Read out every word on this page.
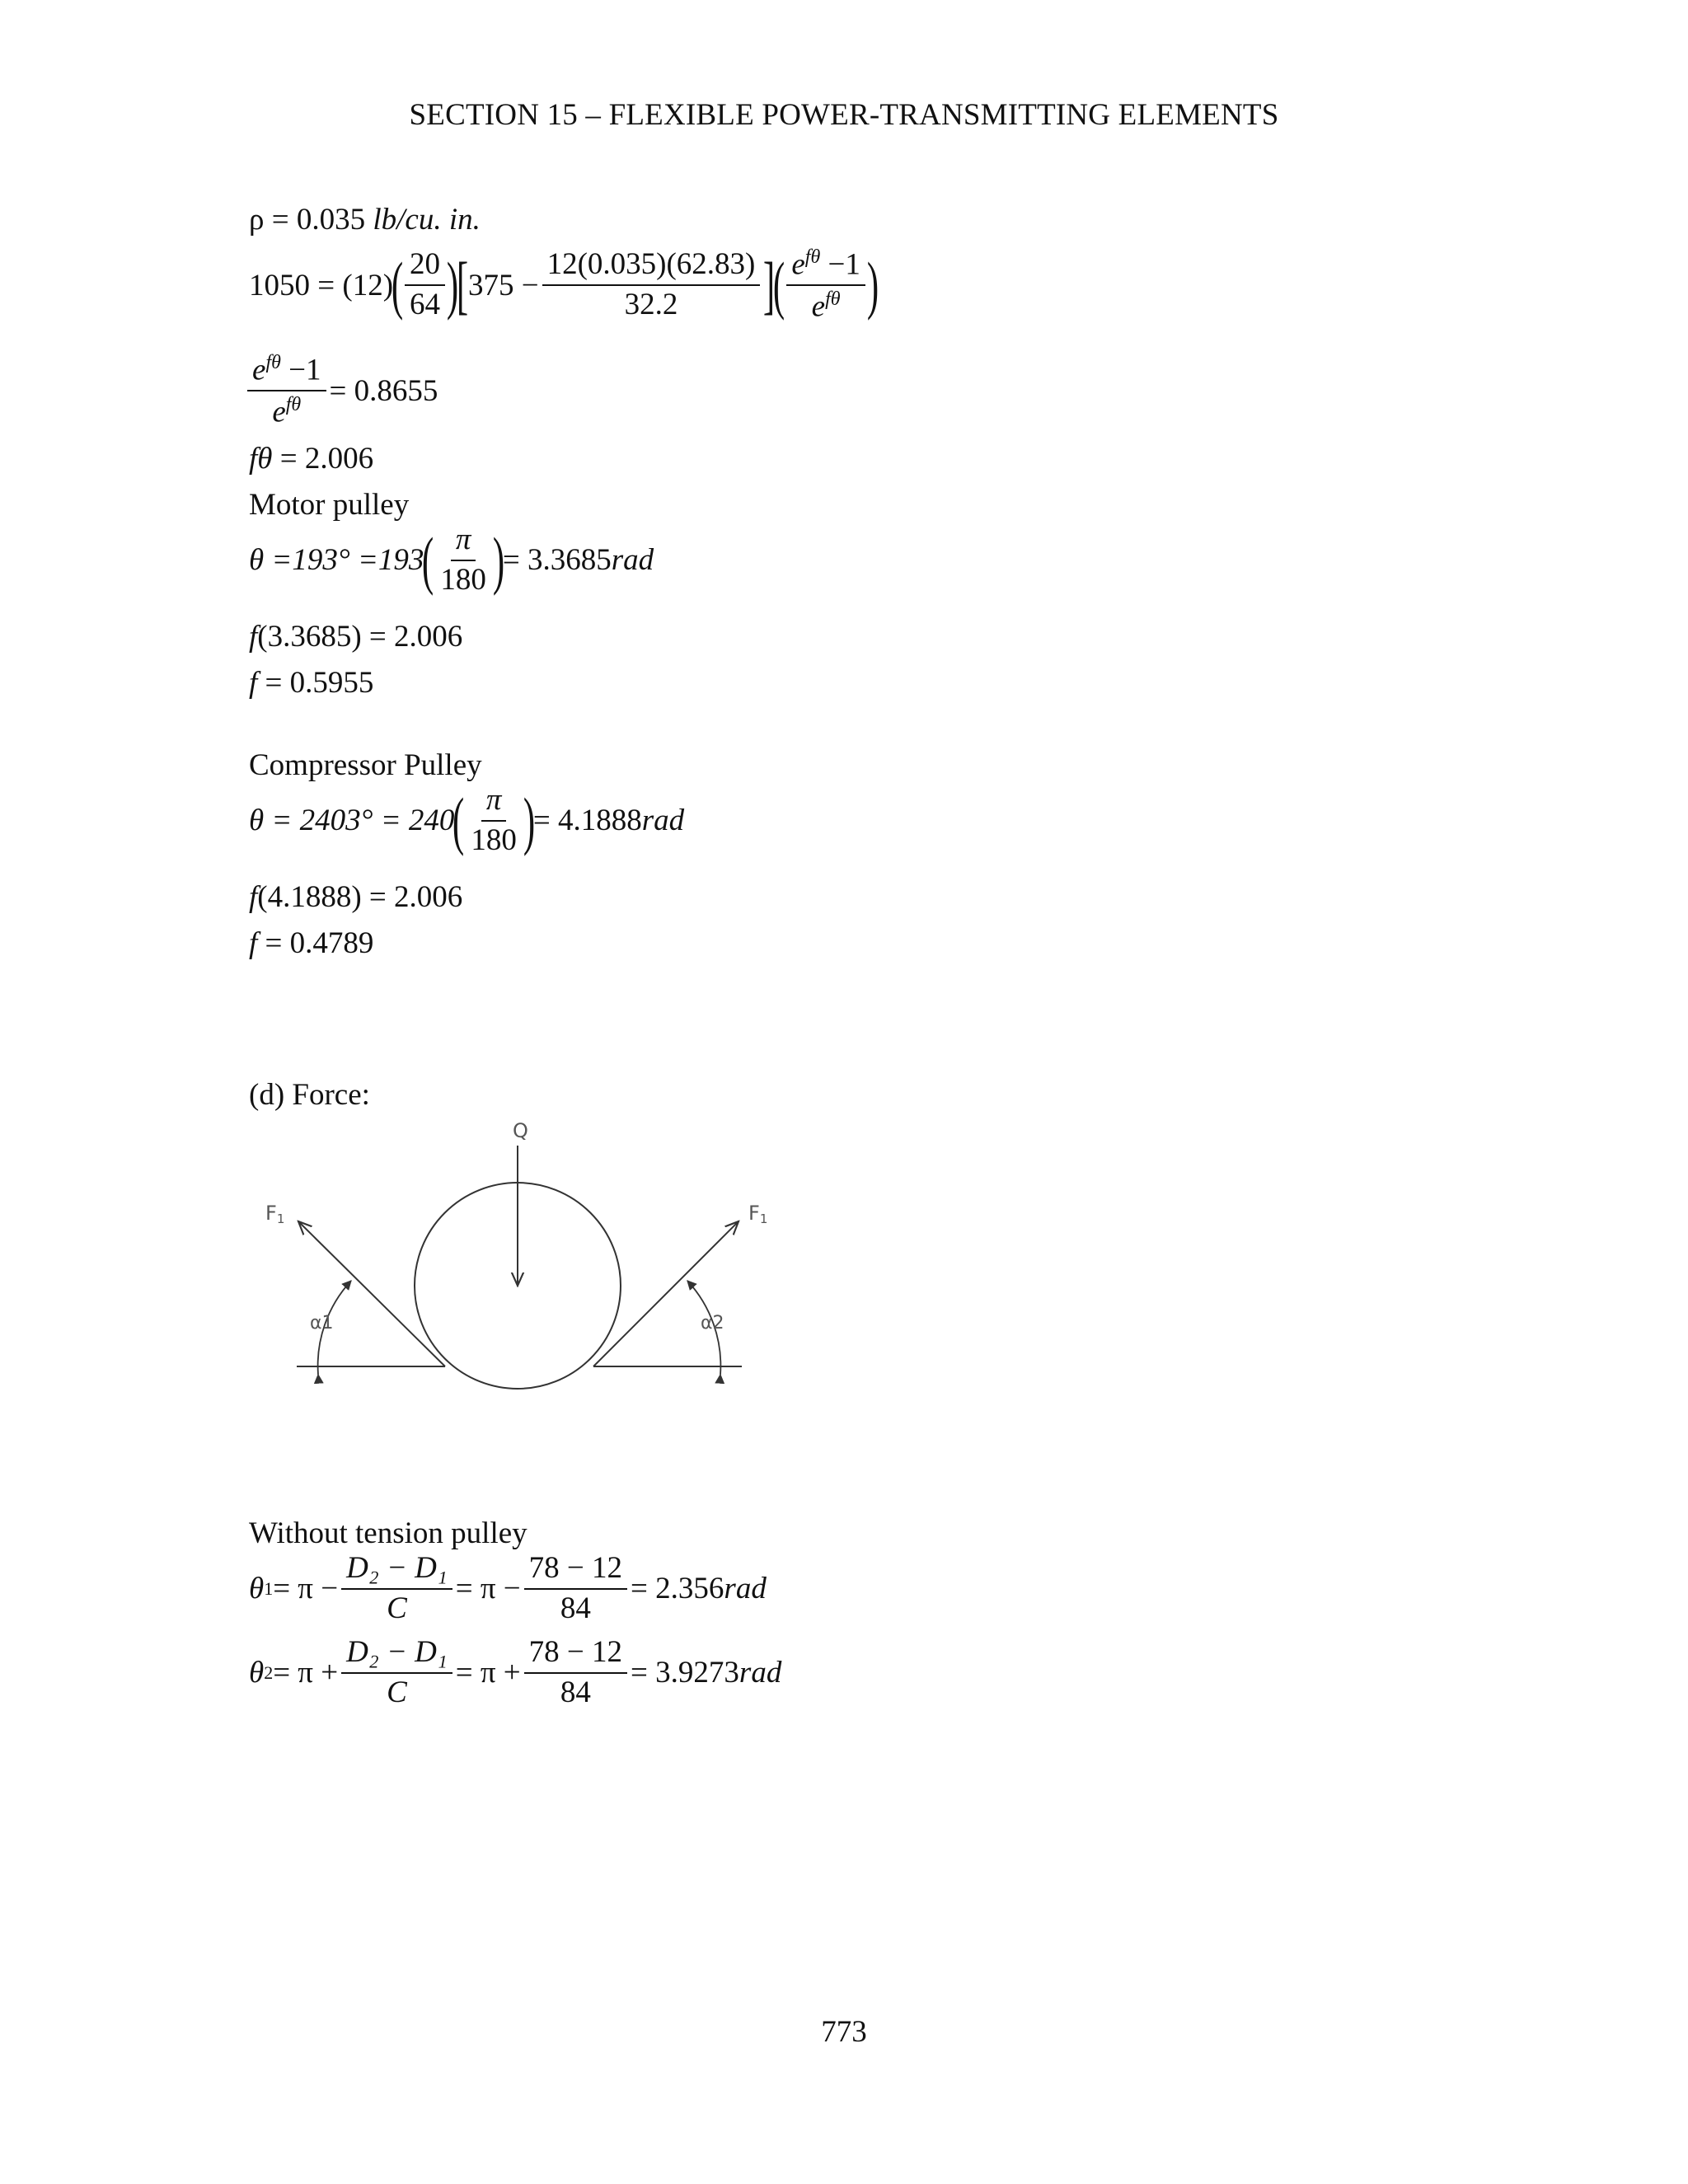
SECTION 15 – FLEXIBLE POWER-TRANSMITTING ELEMENTS
ρ = 0.035 lb/cu. in.
1050 = (12)
( $\frac{20}{64}$ )
[ $375 - \frac{12(0.035)(62.83)}{32.2}$ ]
( $\frac{e^{f\theta} -1}{e^{f\theta}}$ )
$\frac{e^{f\theta} -1}{e^{f\theta}} = 0.8655$
fθ = 2.006
Motor pulley
θ =193° =193
( $\frac{\pi}{180}$ )
= 3.3685 rad
f(3.3685) = 2.006
f = 0.5955
Compressor Pulley
θ = 2403° = 240
( $\frac{\pi}{180}$ )
= 4.1888 rad
f(4.1888) = 2.006
f = 0.4789
(d) Force:
Q
F1	F1
α1	α2
Without tension pulley
θ $1 = \pi - \frac{\text{D₂ − D₁}}{C} = \pi - \frac{78 - 12}{84} = 2.356$ rad
θ $2 = \pi + \frac{\text{D₂ − D₁}}{C} = \pi + \frac{78 - 12}{84} = 3.9273$ rad
773
